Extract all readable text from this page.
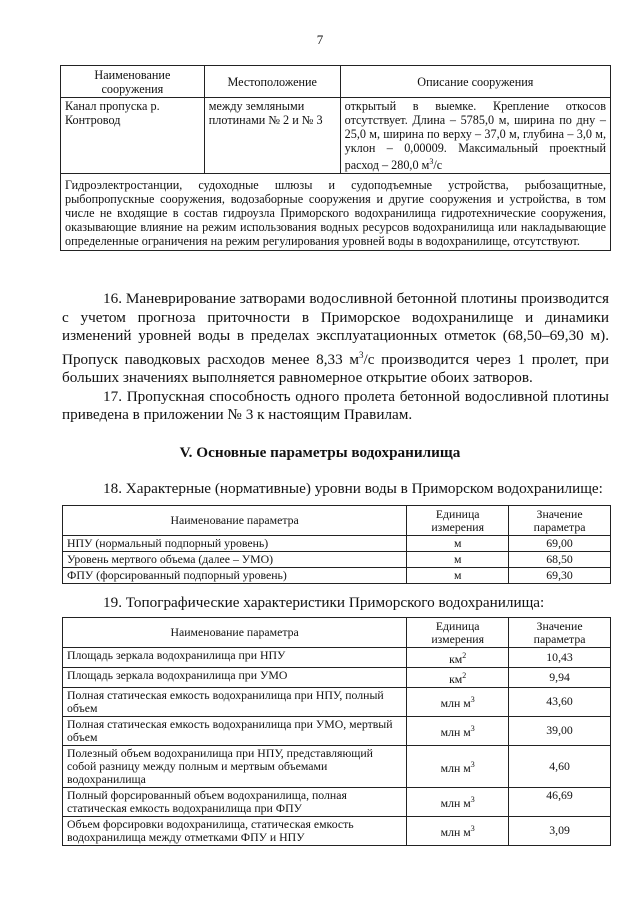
7
Наименование сооружения	Местоположение	Описание сооружения
Канал пропуска р. Контровод	между земляными плотинами № 2 и № 3	открытый в выемке. Крепление откосов отсутствует. Длина – 5785,0 м, ширина по дну – 25,0 м, ширина по верху – 37,0 м, глубина – 3,0 м, уклон – 0,00009. Максимальный проектный расход – 280,0 $м^3/с$
Гидроэлектростанции, судоходные шлюзы и судоподъемные устройства, рыбозащитные, рыбопропускные сооружения, водозаборные сооружения и другие сооружения и устройства, в том числе не входящие в состав гидроузла Приморского водохранилища гидротехнические сооружения, оказывающие влияние на режим использования водных ресурсов водохранилища или накладывающие определенные ограничения на режим регулирования уровней воды в водохранилище, отсутствуют.		

16. Маневрирование затворами водосливной бетонной плотины производится с учетом прогноза приточности в Приморское водохранилище и динамики изменений уровней воды в пределах эксплуатационных отметок (68,50–69,30 м). Пропуск паводковых расходов менее 8,33 $м^3/с$ производится через 1 пролет, при больших значениях выполняется равномерное открытие обоих затворов.

17. Пропускная способность одного пролета бетонной водосливной плотины приведена в приложении № 3 к настоящим Правилам.

V. Основные параметры водохранилища

18. Характерные (нормативные) уровни воды в Приморском водохранилище:

Наименование параметра	Единица измерения	Значение параметра
НПУ (нормальный подпорный уровень)	м	69,00
Уровень мертвого объема (далее – УМО)	м	68,50
ФПУ (форсированный подпорный уровень)	м	69,30

19. Топографические характеристики Приморского водохранилища:

Наименование параметра	Единица измерения	Значение параметра
Площадь зеркала водохранилища при НПУ	$км^2$	10,43
Площадь зеркала водохранилища при УМО	$км^2$	9,94
Полная статическая емкость водохранилища при НПУ, полный объем	млн $м^3$	43,60
Полная статическая емкость водохранилища при УМО, мертвый объем	млн $м^3$	39,00
Полезный объем водохранилища при НПУ, представляющий собой разницу между полным и мертвым объемами водохранилища	млн $м^3$	4,60
Полный форсированный объем водохранилища, полная статическая емкость водохранилища при ФПУ	млн $м^3$	46,69
Объем форсировки водохранилища, статическая емкость водохранилища между отметками ФПУ и НПУ	млн $м^3$	3,09
